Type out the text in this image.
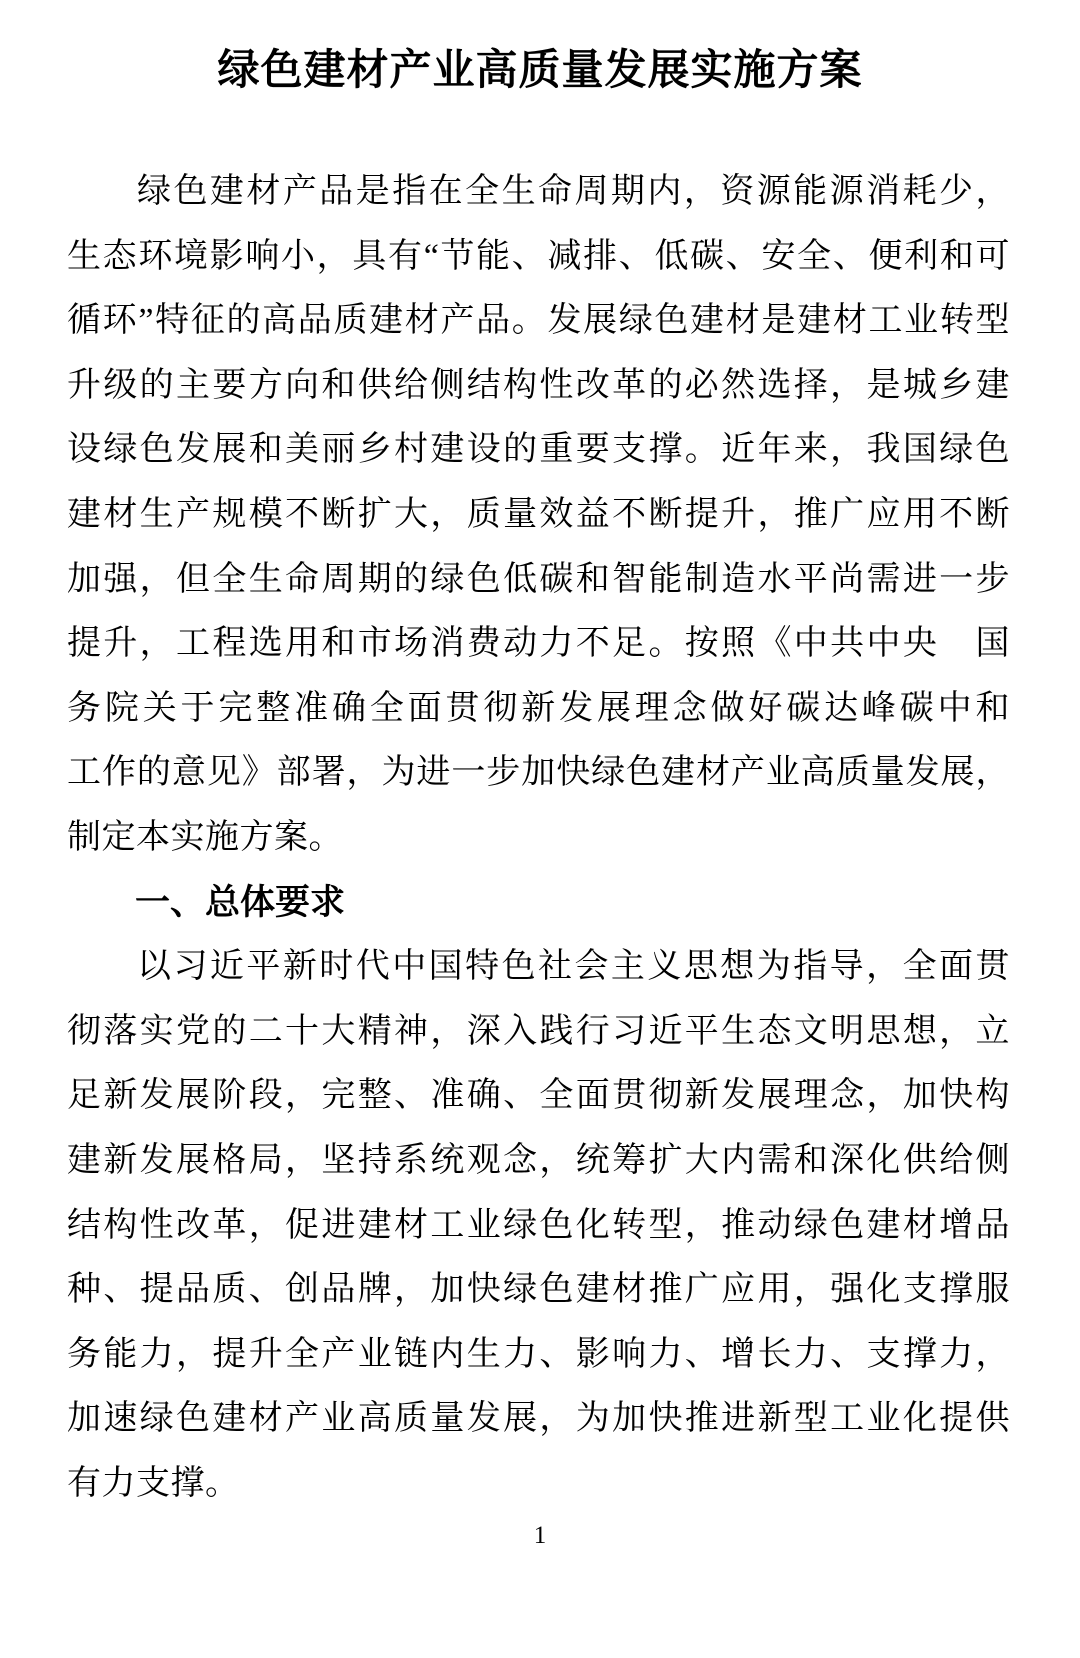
绿色建材产业高质量发展实施方案
绿色建材产品是指在全生命周期内，资源能源消耗少，
生态环境影响小，具有“节能、减排、低碳、安全、便利和可
循环”特征的高品质建材产品。发展绿色建材是建材工业转型
升级的主要方向和供给侧结构性改革的必然选择，是城乡建
设绿色发展和美丽乡村建设的重要支撑。近年来，我国绿色
建材生产规模不断扩大，质量效益不断提升，推广应用不断
加强，但全生命周期的绿色低碳和智能制造水平尚需进一步
提升，工程选用和市场消费动力不足。按照《中共中央　国
务院关于完整准确全面贯彻新发展理念做好碳达峰碳中和
工作的意见》部署，为进一步加快绿色建材产业高质量发展，
制定本实施方案。
一、总体要求
以习近平新时代中国特色社会主义思想为指导，全面贯
彻落实党的二十大精神，深入践行习近平生态文明思想，立
足新发展阶段，完整、准确、全面贯彻新发展理念，加快构
建新发展格局，坚持系统观念，统筹扩大内需和深化供给侧
结构性改革，促进建材工业绿色化转型，推动绿色建材增品
种、提品质、创品牌，加快绿色建材推广应用，强化支撑服
务能力，提升全产业链内生力、影响力、增长力、支撑力，
加速绿色建材产业高质量发展，为加快推进新型工业化提供
有力支撑。
1
